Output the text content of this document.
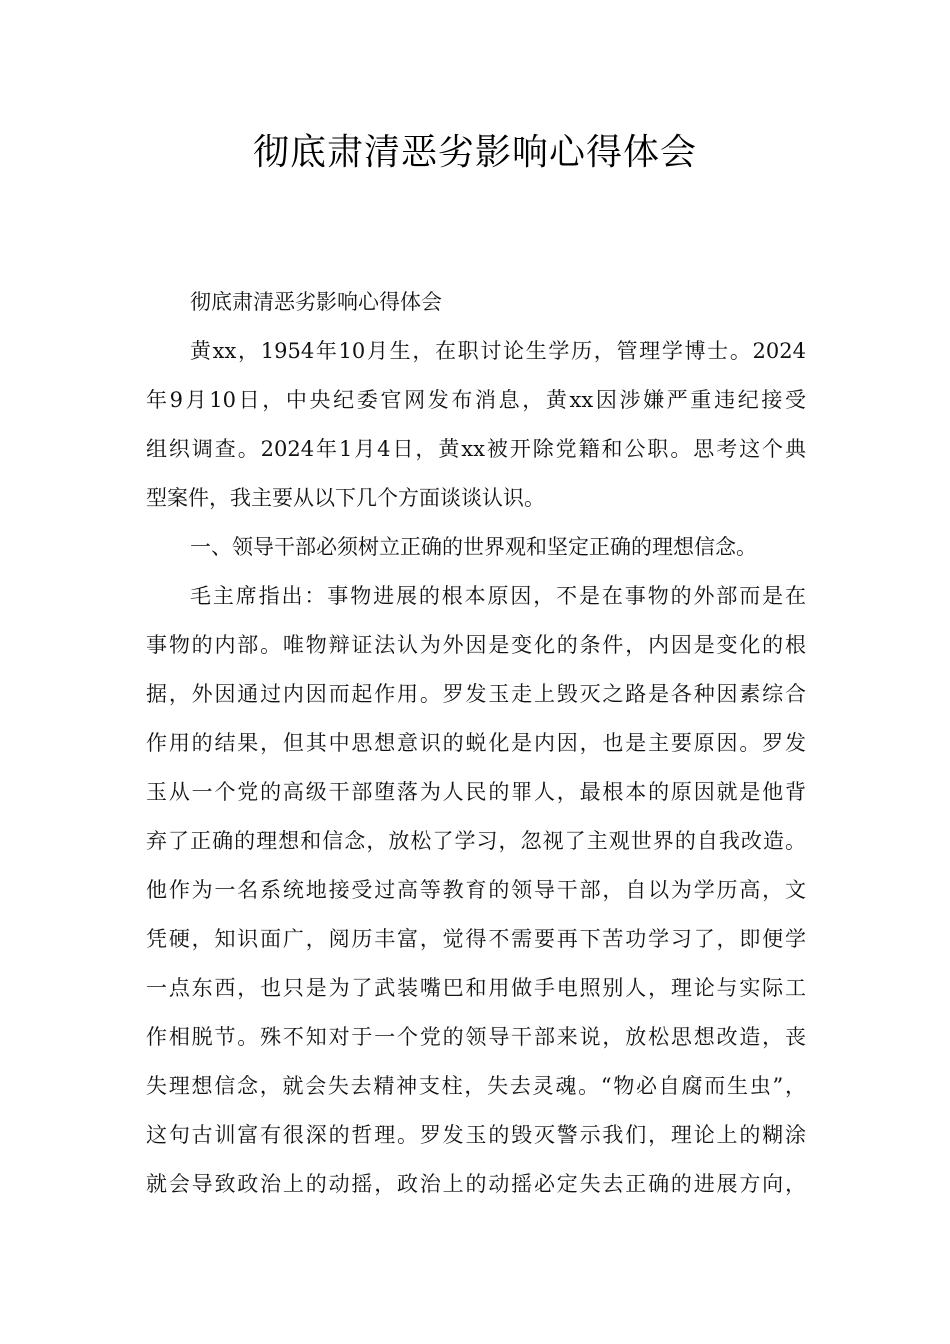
彻底肃清恶劣影响心得体会
彻底肃清恶劣影响心得体会
黄xx，1954年10月生，在职讨论生学历，管理学博士。2024
年9月10日，中央纪委官网发布消息，黄xx因涉嫌严重违纪接受
组织调查。2024年1月4日，黄xx被开除党籍和公职。思考这个典
型案件，我主要从以下几个方面谈谈认识。
一、领导干部必须树立正确的世界观和坚定正确的理想信念。
毛主席指出：事物进展的根本原因，不是在事物的外部而是在
事物的内部。唯物辩证法认为外因是变化的条件，内因是变化的根
据，外因通过内因而起作用。罗发玉走上毁灭之路是各种因素综合
作用的结果，但其中思想意识的蜕化是内因，也是主要原因。罗发
玉从一个党的高级干部堕落为人民的罪人，最根本的原因就是他背
弃了正确的理想和信念，放松了学习，忽视了主观世界的自我改造。
他作为一名系统地接受过高等教育的领导干部，自以为学历高，文
凭硬，知识面广，阅历丰富，觉得不需要再下苦功学习了，即便学
一点东西，也只是为了武装嘴巴和用做手电照别人，理论与实际工
作相脱节。殊不知对于一个党的领导干部来说，放松思想改造，丧
失理想信念，就会失去精神支柱，失去灵魂。“物必自腐而生虫”，
这句古训富有很深的哲理。罗发玉的毁灭警示我们，理论上的糊涂
就会导致政治上的动摇，政治上的动摇必定失去正确的进展方向，
